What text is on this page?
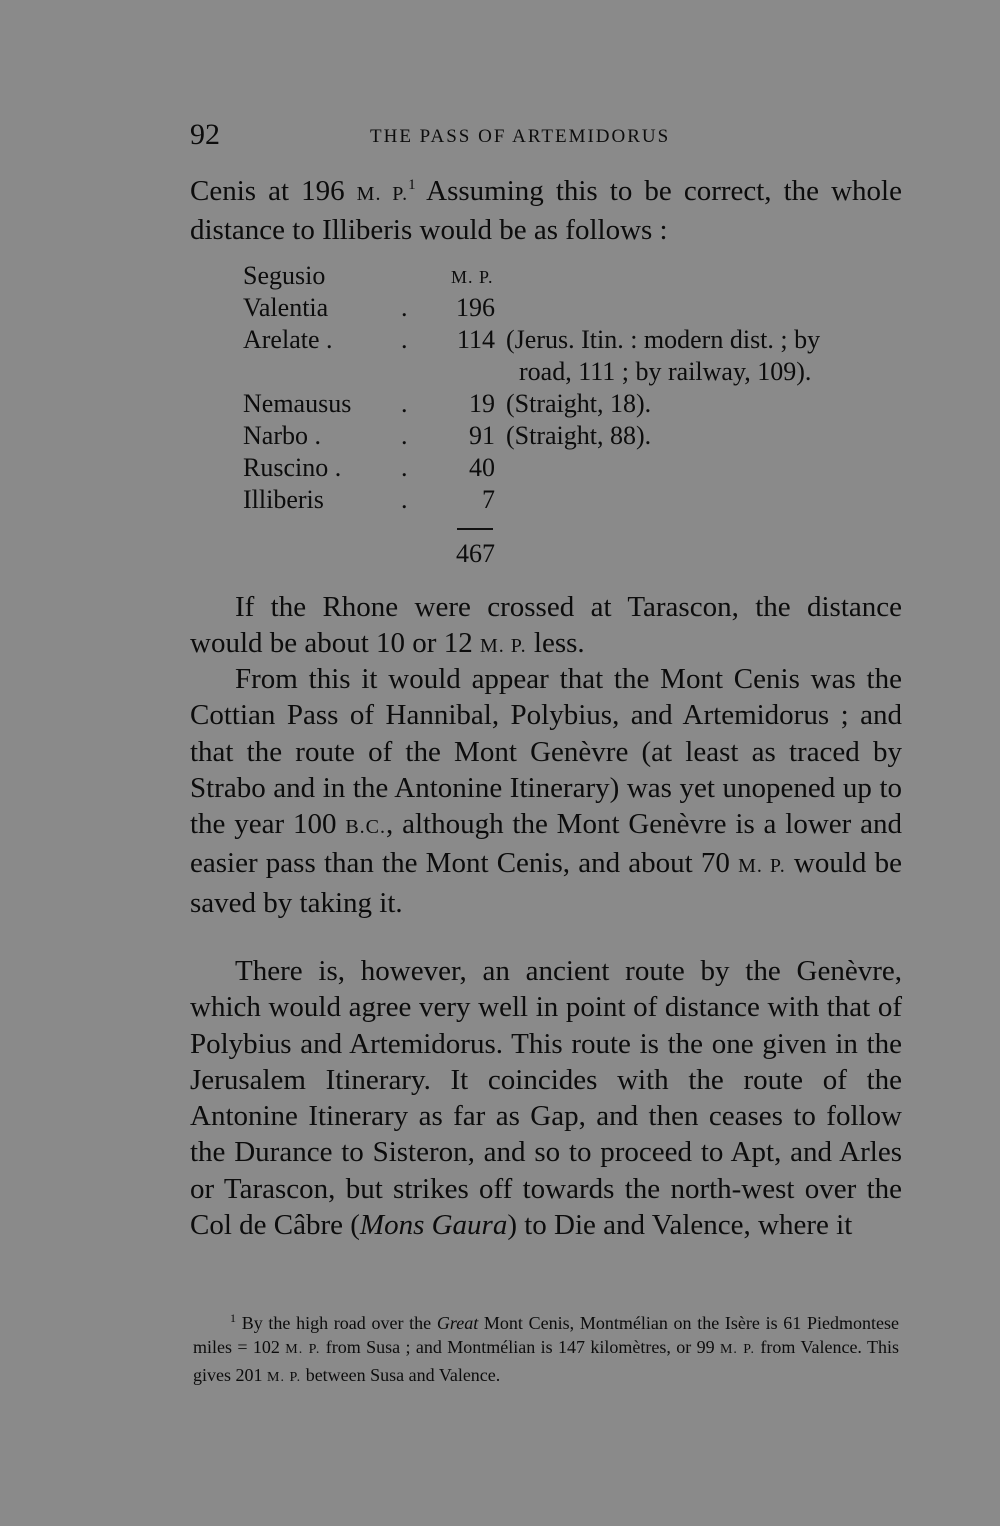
92	THE PASS OF ARTEMIDORUS

Cenis at 196 M. P.$^1$ Assuming this to be correct, the whole distance to Illiberis would be as follows :

M. P.
Segusio
Valentia	. 196
Arelate .	.	114 (Jerus. Itin. : modern dist. ; by
road, 111 ; by railway, 109).
Nemausus .	19 (Straight, 18).
Narbo .	.	91 (Straight, 88).
Ruscino . .	40
Illiberis	.	7
467

If the Rhone were crossed at Tarascon, the distance would be about 10 or 12 M. P. less.

From this it would appear that the Mont Cenis was the Cottian Pass of Hannibal, Polybius, and Artemidorus ; and that the route of the Mont Genèvre (at least as traced by Strabo and in the Antonine Itinerary) was yet unopened up to the year 100 B.C., although the Mont Genèvre is a lower and easier pass than the Mont Cenis, and about 70 M. P. would be saved by taking it.

There is, however, an ancient route by the Genèvre, which would agree very well in point of distance with that of Polybius and Artemidorus. This route is the one given in the Jerusalem Itinerary. It coincides with the route of the Antonine Itinerary as far as Gap, and then ceases to follow the Durance to Sisteron, and so to proceed to Apt, and Arles or Tarascon, but strikes off towards the north-west over the Col de Câbre (Mons Gaura) to Die and Valence, where it

$^1$ By the high road over the Great Mont Cenis, Montmélian on the Isère is 61 Piedmontese miles = 102 M. P. from Susa ; and Montmélian is 147 kilomètres, or 99 M. P. from Valence. This gives 201 M. P. between Susa and Valence.
